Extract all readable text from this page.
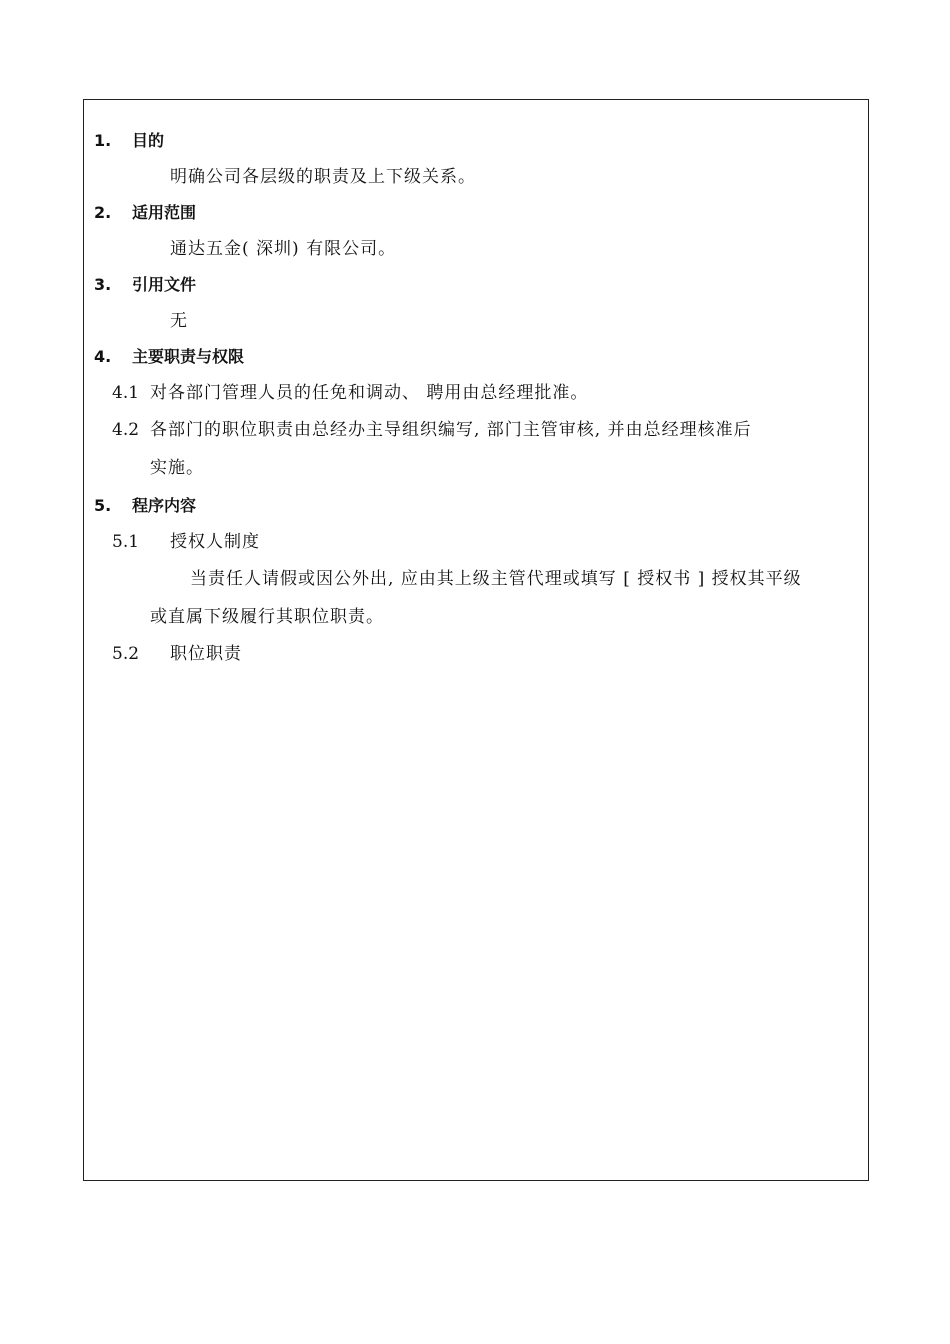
1. 目的
明确公司各层级的职责及上下级关系。
2. 适用范围
通达五金( 深圳) 有限公司。
3. 引用文件
无
4. 主要职责与权限
4.1 对各部门管理人员的任免和调动、 聘用由总经理批准。
4.2 各部门的职位职责由总经办主导组织编写, 部门主管审核, 并由总经理核准后
实施。
5. 程序内容
5.1 授权人制度
当责任人请假或因公外出, 应由其上级主管代理或填写 [ 授权书 ] 授权其平级
或直属下级履行其职位职责。
5.2 职位职责
